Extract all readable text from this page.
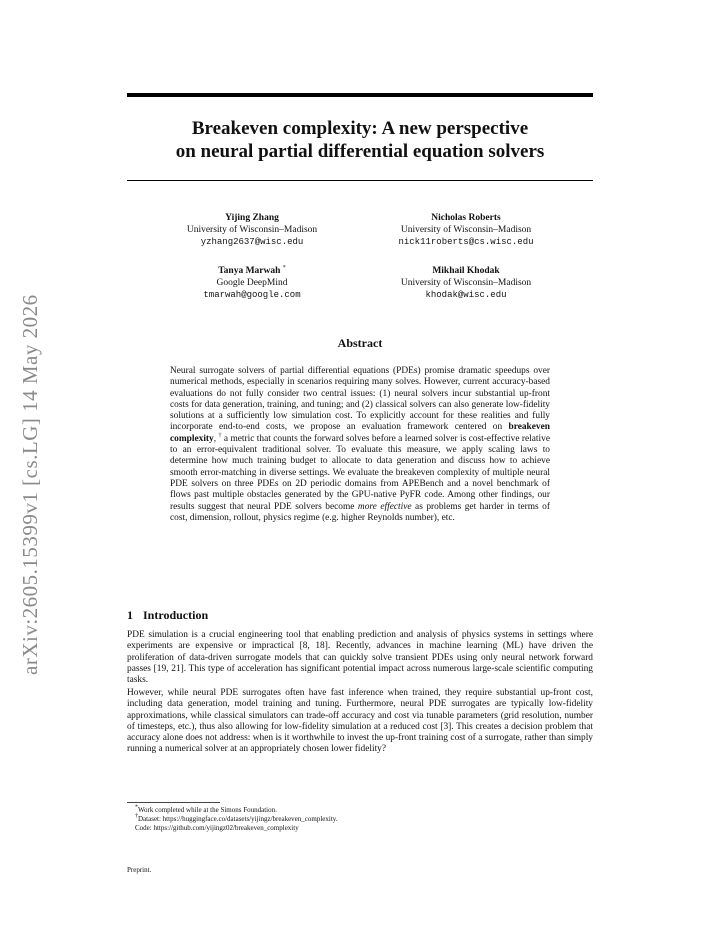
arXiv:2605.15399v1 [cs.LG] 14 May 2026
Breakeven complexity: A new perspective
on neural partial differential equation solvers
Yijing Zhang
University of Wisconsin–Madison
yzhang2637@wisc.edu
Nicholas Roberts
University of Wisconsin–Madison
nick11roberts@cs.wisc.edu
Tanya Marwah *
Google DeepMind
tmarwah@google.com
Mikhail Khodak
University of Wisconsin–Madison
khodak@wisc.edu
Abstract
Neural surrogate solvers of partial differential equations (PDEs) promise dramatic speedups over numerical methods, especially in scenarios requiring many solves. However, current accuracy-based evaluations do not fully consider two central issues: (1) neural solvers incur substantial up-front costs for data generation, training, and tuning; and (2) classical solvers can also generate low-fidelity solutions at a sufficiently low simulation cost. To explicitly account for these realities and fully incorporate end-to-end costs, we propose an evaluation framework centered on breakeven complexity, † a metric that counts the forward solves before a learned solver is cost-effective relative to an error-equivalent traditional solver. To evaluate this measure, we apply scaling laws to determine how much training budget to allocate to data generation and discuss how to achieve smooth error-matching in diverse settings. We evaluate the breakeven complexity of multiple neural PDE solvers on three PDEs on 2D periodic domains from APEBench and a novel benchmark of flows past multiple obstacles generated by the GPU-native PyFR code. Among other findings, our results suggest that neural PDE solvers become more effective as problems get harder in terms of cost, dimension, rollout, physics regime (e.g. higher Reynolds number), etc.
1 Introduction

PDE simulation is a crucial engineering tool that enabling prediction and analysis of physics systems in settings where experiments are expensive or impractical [8, 18]. Recently, advances in machine learning (ML) have driven the proliferation of data-driven surrogate models that can quickly solve transient PDEs using only neural network forward passes [19, 21]. This type of acceleration has significant potential impact across numerous large-scale scientific computing tasks.

However, while neural PDE surrogates often have fast inference when trained, they require substantial up-front cost, including data generation, model training and tuning. Furthermore, neural PDE surrogates are typically low-fidelity approximations, while classical simulators can trade-off accuracy and cost via tunable parameters (grid resolution, number of timesteps, etc.), thus also allowing for low-fidelity simulation at a reduced cost [3]. This creates a decision problem that accuracy alone does not address: when is it worthwhile to invest the up-front training cost of a surrogate, rather than simply running a numerical solver at an appropriately chosen lower fidelity?

*Work completed while at the Simons Foundation.
†Dataset: https://huggingface.co/datasets/yijingz/breakeven_complexity.
Code: https://github.com/yijingz02/breakeven_complexity
Preprint.
